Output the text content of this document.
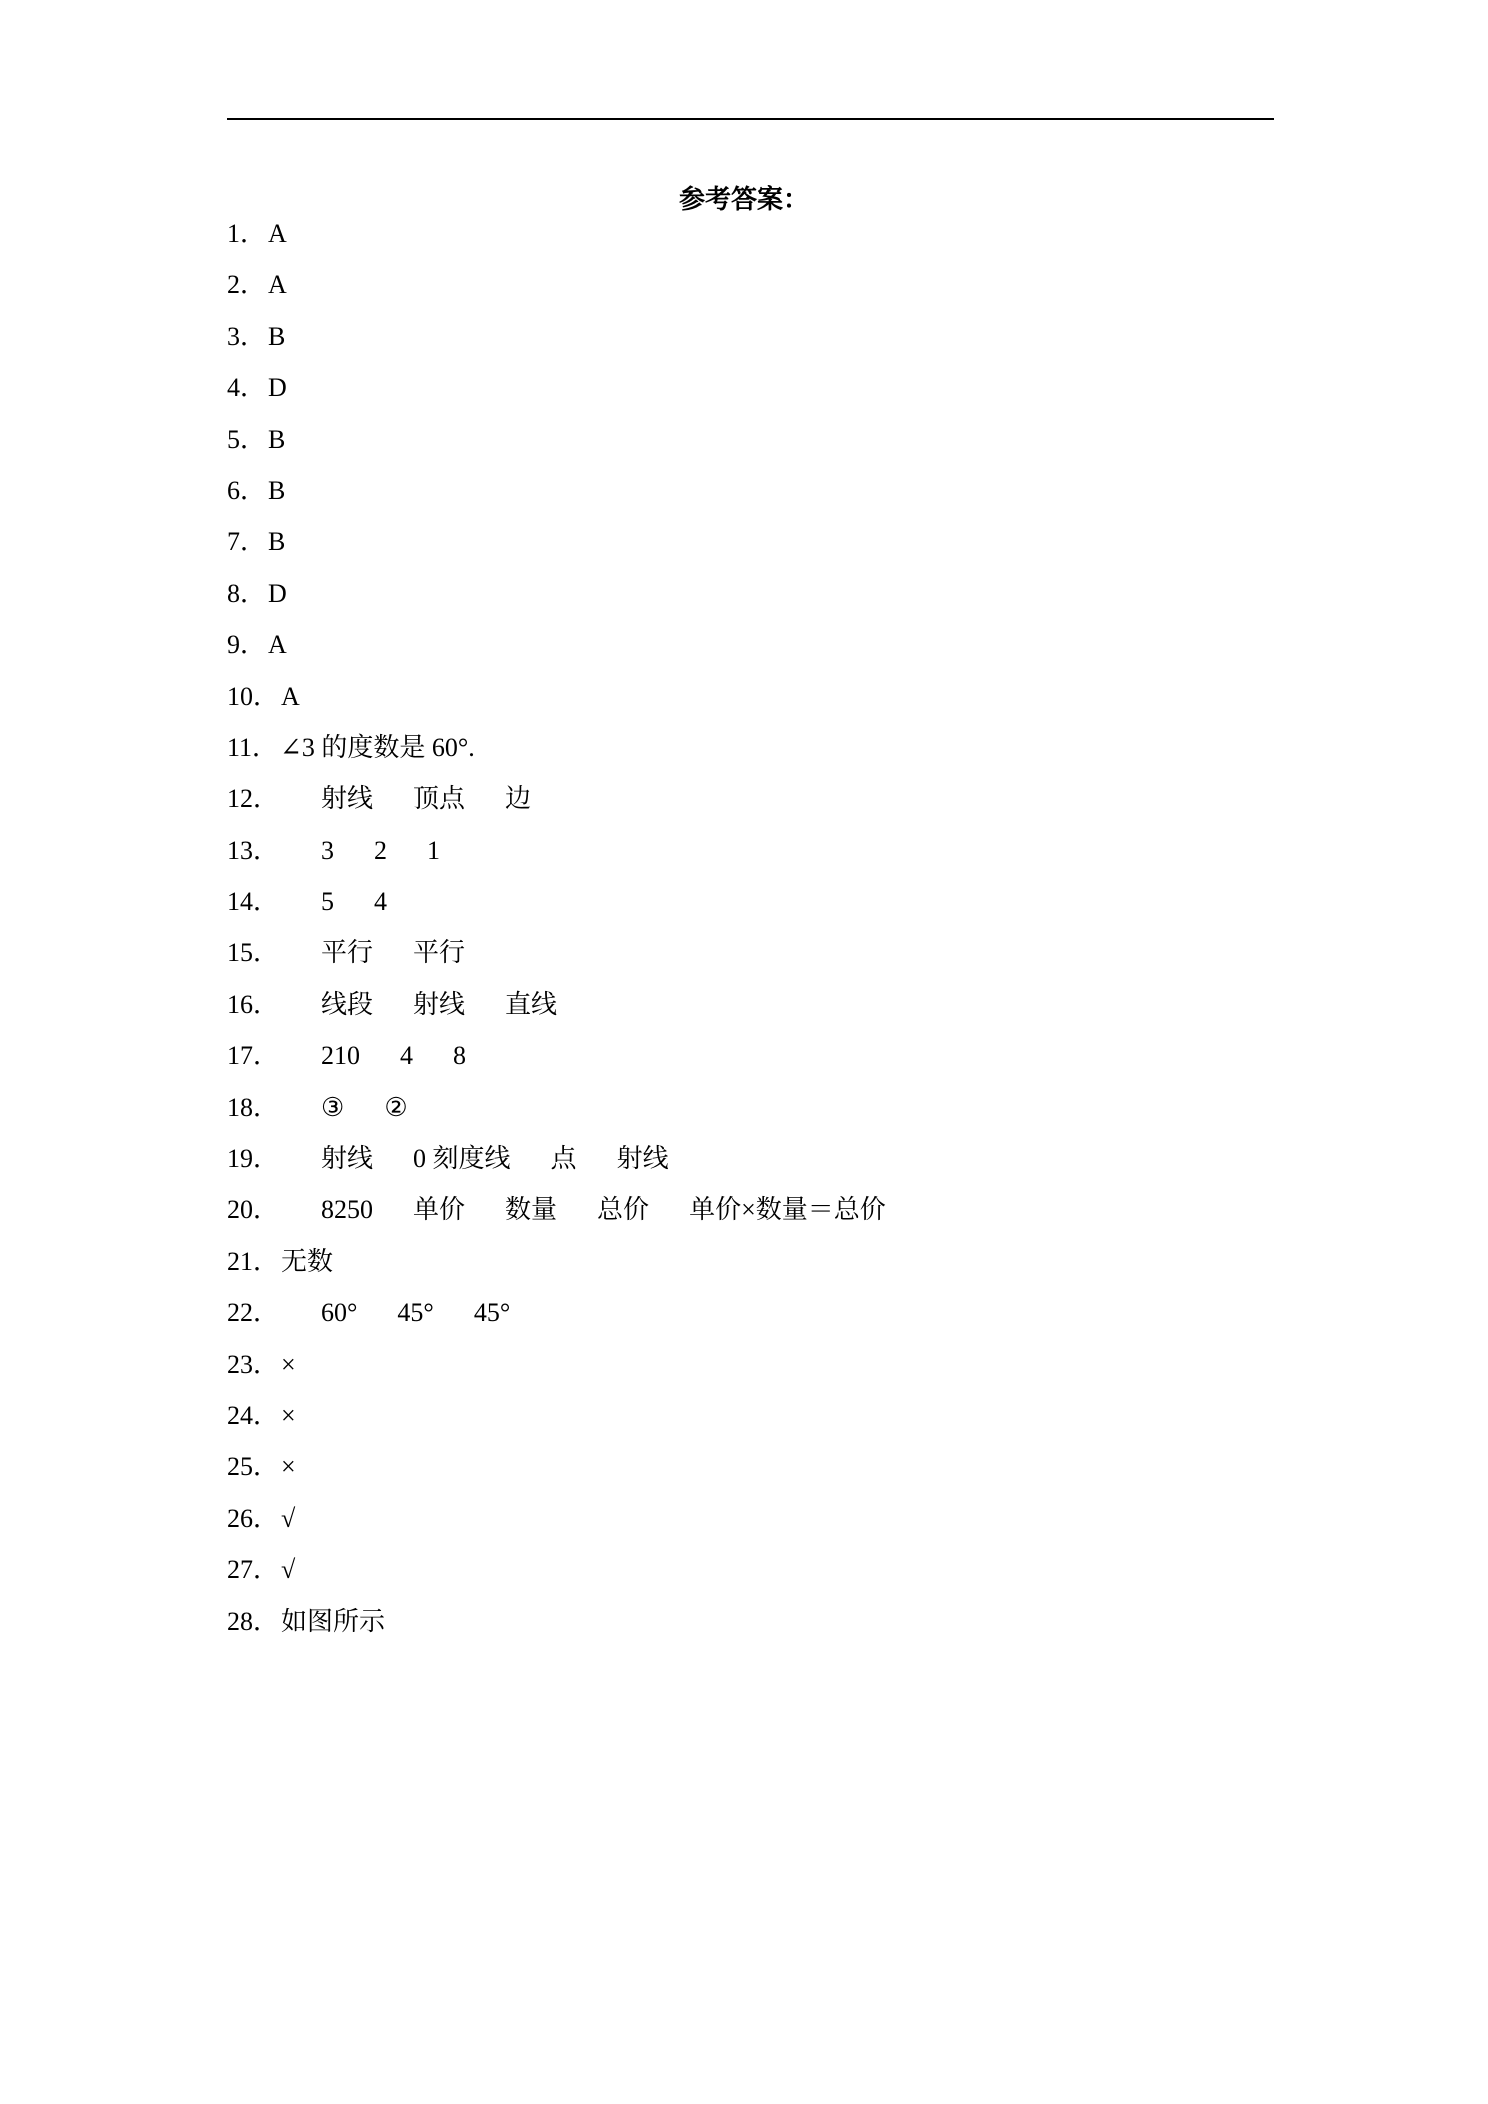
参考答案：
1． A
2． A
3． B
4． D
5． B
6． B
7． B
8． D
9． A
10． A
11． ∠3 的度数是 60°.
12． 射线 顶点 边
13． 3 2 1
14． 5 4
15． 平行 平行
16． 线段 射线 直线
17． 210 4 8
18． ③ ②
19． 射线 0 刻度线 点 射线
20． 8250 单价 数量 总价 单价×数量＝总价
21． 无数
22． 60° 45° 45°
23． ×
24． ×
25． ×
26． √
27． √
28． 如图所示
